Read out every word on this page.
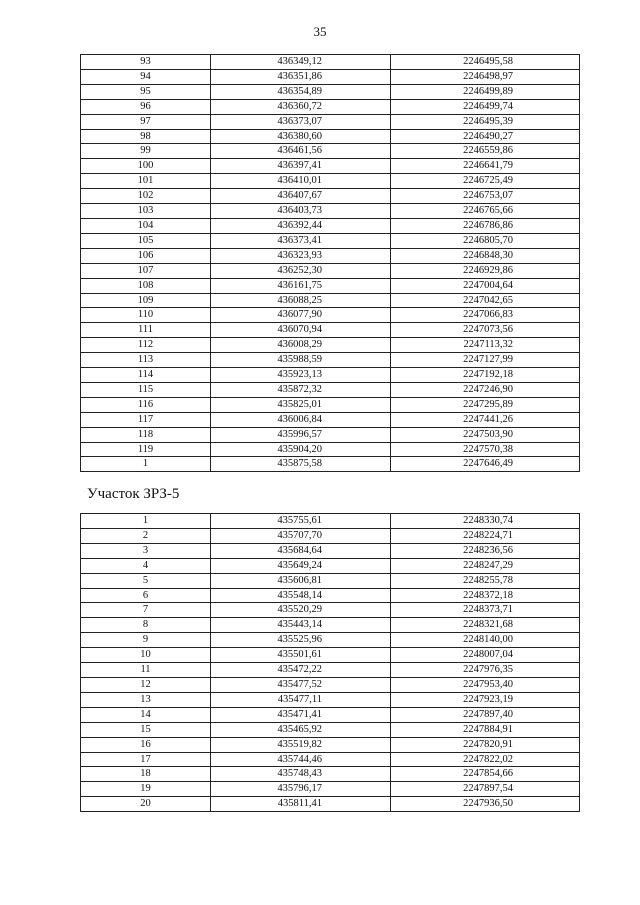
35
93	436349,12	2246495,58
94	436351,86	2246498,97
95	436354,89	2246499,89
96	436360,72	2246499,74
97	436373,07	2246495,39
98	436380,60	2246490,27
99	436461,56	2246559,86
100	436397,41	2246641,79
101	436410,01	2246725,49
102	436407,67	2246753,07
103	436403,73	2246765,66
104	436392,44	2246786,86
105	436373,41	2246805,70
106	436323,93	2246848,30
107	436252,30	2246929,86
108	436161,75	2247004,64
109	436088,25	2247042,65
110	436077,90	2247066,83
111	436070,94	2247073,56
112	436008,29	2247113,32
113	435988,59	2247127,99
114	435923,13	2247192,18
115	435872,32	2247246,90
116	435825,01	2247295,89
117	436006,84	2247441,26
118	435996,57	2247503,90
119	435904,20	2247570,38
1	435875,58	2247646,49
Участок ЗРЗ-5
1	435755,61	2248330,74
2	435707,70	2248224,71
3	435684,64	2248236,56
4	435649,24	2248247,29
5	435606,81	2248255,78
6	435548,14	2248372,18
7	435520,29	2248373,71
8	435443,14	2248321,68
9	435525,96	2248140,00
10	435501,61	2248007,04
11	435472,22	2247976,35
12	435477,52	2247953,40
13	435477,11	2247923,19
14	435471,41	2247897,40
15	435465,92	2247884,91
16	435519,82	2247820,91
17	435744,46	2247822,02
18	435748,43	2247854,66
19	435796,17	2247897,54
20	435811,41	2247936,50
